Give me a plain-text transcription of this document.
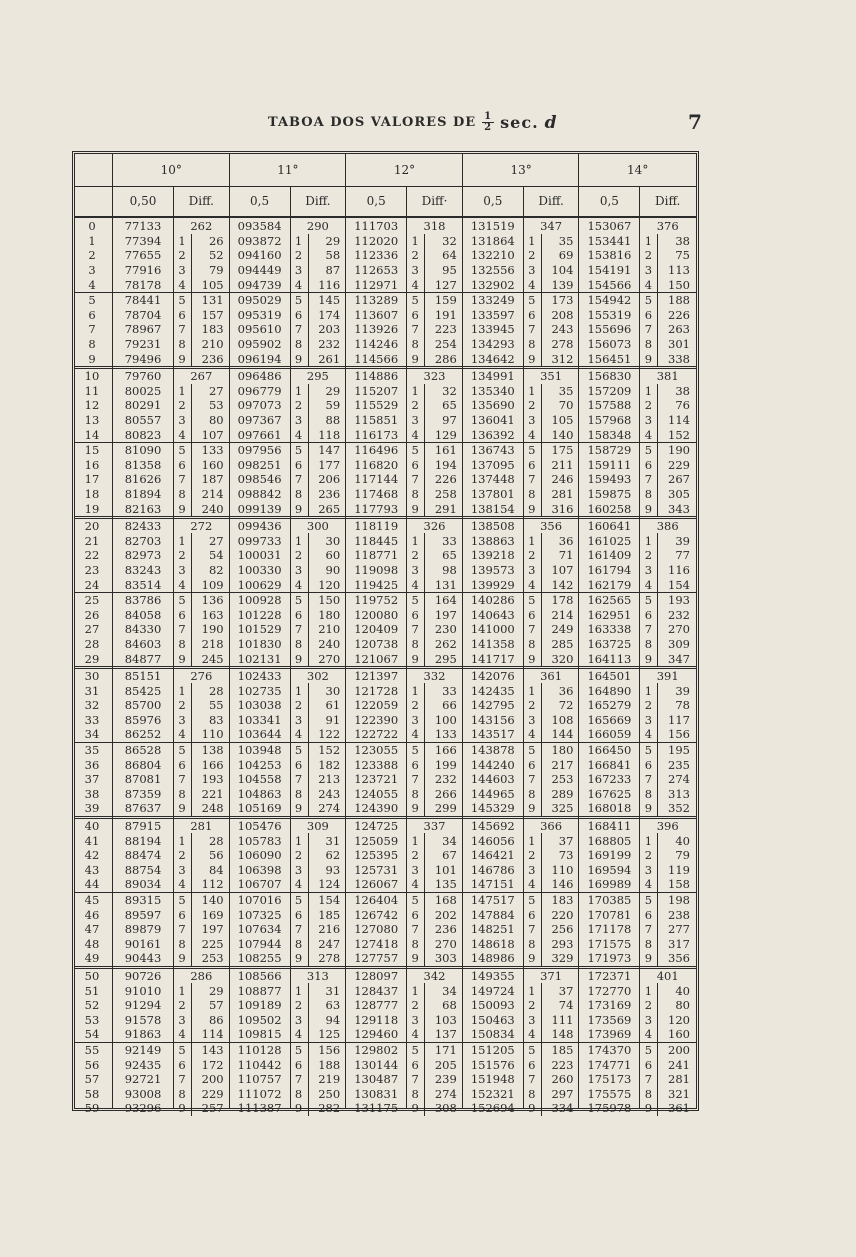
TABOA DOS VALORES DE $\frac{1}{2} \sec$. d	7
10°	11°	12°	13°	14°
0,50	Diff.	0,5	Diff.	0,5	Diff·	0,5	Diff.	0,5	Diff.
0	77133	262	093584	290	111703	318	131519	347	153067	376
1	77394	1	26	093872	1	29	112020	1	32	131864	1	35	153441	1	38
2	77655	2	52	094160	2	58	112336	2	64	132210	2	69	153816	2	75
3	77916	3	79	094449	3	87	112653	3	95	132556	3	104	154191	3	113
4	78178	4	105	094739	4	116	112971	4	127	132902	4	139	154566	4	150
5	78441	5	131	095029	5	145	113289	5	159	133249	5	173	154942	5	188
6	78704	6	157	095319	6	174	113607	6	191	133597	6	208	155319	6	226
7	78967	7	183	095610	7	203	113926	7	223	133945	7	243	155696	7	263
8	79231	8	210	095902	8	232	114246	8	254	134293	8	278	156073	8	301
9	79496	9	236	096194	9	261	114566	9	286	134642	9	312	156451	9	338
10	79760	267	096486	295	114886	323	134991	351	156830	381
11	80025	1	27	096779	1	29	115207	1	32	135340	1	35	157209	1	38
12	80291	2	53	097073	2	59	115529	2	65	135690	2	70	157588	2	76
13	80557	3	80	097367	3	88	115851	3	97	136041	3	105	157968	3	114
14	80823	4	107	097661	4	118	116173	4	129	136392	4	140	158348	4	152
15	81090	5	133	097956	5	147	116496	5	161	136743	5	175	158729	5	190
16	81358	6	160	098251	6	177	116820	6	194	137095	6	211	159111	6	229
17	81626	7	187	098546	7	206	117144	7	226	137448	7	246	159493	7	267
18	81894	8	214	098842	8	236	117468	8	258	137801	8	281	159875	8	305
19	82163	9	240	099139	9	265	117793	9	291	138154	9	316	160258	9	343
20	82433	272	099436	300	118119	326	138508	356	160641	386
21	82703	1	27	099733	1	30	118445	1	33	138863	1	36	161025	1	39
22	82973	2	54	100031	2	60	118771	2	65	139218	2	71	161409	2	77
23	83243	3	82	100330	3	90	119098	3	98	139573	3	107	161794	3	116
24	83514	4	109	100629	4	120	119425	4	131	139929	4	142	162179	4	154
25	83786	5	136	100928	5	150	119752	5	164	140286	5	178	162565	5	193
26	84058	6	163	101228	6	180	120080	6	197	140643	6	214	162951	6	232
27	84330	7	190	101529	7	210	120409	7	230	141000	7	249	163338	7	270
28	84603	8	218	101830	8	240	120738	8	262	141358	8	285	163725	8	309
29	84877	9	245	102131	9	270	121067	9	295	141717	9	320	164113	9	347
30	85151	276	102433	302	121397	332	142076	361	164501	391
31	85425	1	28	102735	1	30	121728	1	33	142435	1	36	164890	1	39
32	85700	2	55	103038	2	61	122059	2	66	142795	2	72	165279	2	78
33	85976	3	83	103341	3	91	122390	3	100	143156	3	108	165669	3	117
34	86252	4	110	103644	4	122	122722	4	133	143517	4	144	166059	4	156
35	86528	5	138	103948	5	152	123055	5	166	143878	5	180	166450	5	195
36	86804	6	166	104253	6	182	123388	6	199	144240	6	217	166841	6	235
37	87081	7	193	104558	7	213	123721	7	232	144603	7	253	167233	7	274
38	87359	8	221	104863	8	243	124055	8	266	144965	8	289	167625	8	313
39	87637	9	248	105169	9	274	124390	9	299	145329	9	325	168018	9	352
40	87915	281	105476	309	124725	337	145692	366	168411	396
41	88194	1	28	105783	1	31	125059	1	34	146056	1	37	168805	1	40
42	88474	2	56	106090	2	62	125395	2	67	146421	2	73	169199	2	79
43	88754	3	84	106398	3	93	125731	3	101	146786	3	110	169594	3	119
44	89034	4	112	106707	4	124	126067	4	135	147151	4	146	169989	4	158
45	89315	5	140	107016	5	154	126404	5	168	147517	5	183	170385	5	198
46	89597	6	169	107325	6	185	126742	6	202	147884	6	220	170781	6	238
47	89879	7	197	107634	7	216	127080	7	236	148251	7	256	171178	7	277
48	90161	8	225	107944	8	247	127418	8	270	148618	8	293	171575	8	317
49	90443	9	253	108255	9	278	127757	9	303	148986	9	329	171973	9	356
50	90726	286	108566	313	128097	342	149355	371	172371	401
51	91010	1	29	108877	1	31	128437	1	34	149724	1	37	172770	1	40
52	91294	2	57	109189	2	63	128777	2	68	150093	2	74	173169	2	80
53	91578	3	86	109502	3	94	129118	3	103	150463	3	111	173569	3	120
54	91863	4	114	109815	4	125	129460	4	137	150834	4	148	173969	4	160
55	92149	5	143	110128	5	156	129802	5	171	151205	5	185	174370	5	200
56	92435	6	172	110442	6	188	130144	6	205	151576	6	223	174771	6	241
57	92721	7	200	110757	7	219	130487	7	239	151948	7	260	175173	7	281
58	93008	8	229	111072	8	250	130831	8	274	152321	8	297	175575	8	321
59	93296	9	257	111387	9	282	131175	9	308	152694	9	334	175978	9	361
